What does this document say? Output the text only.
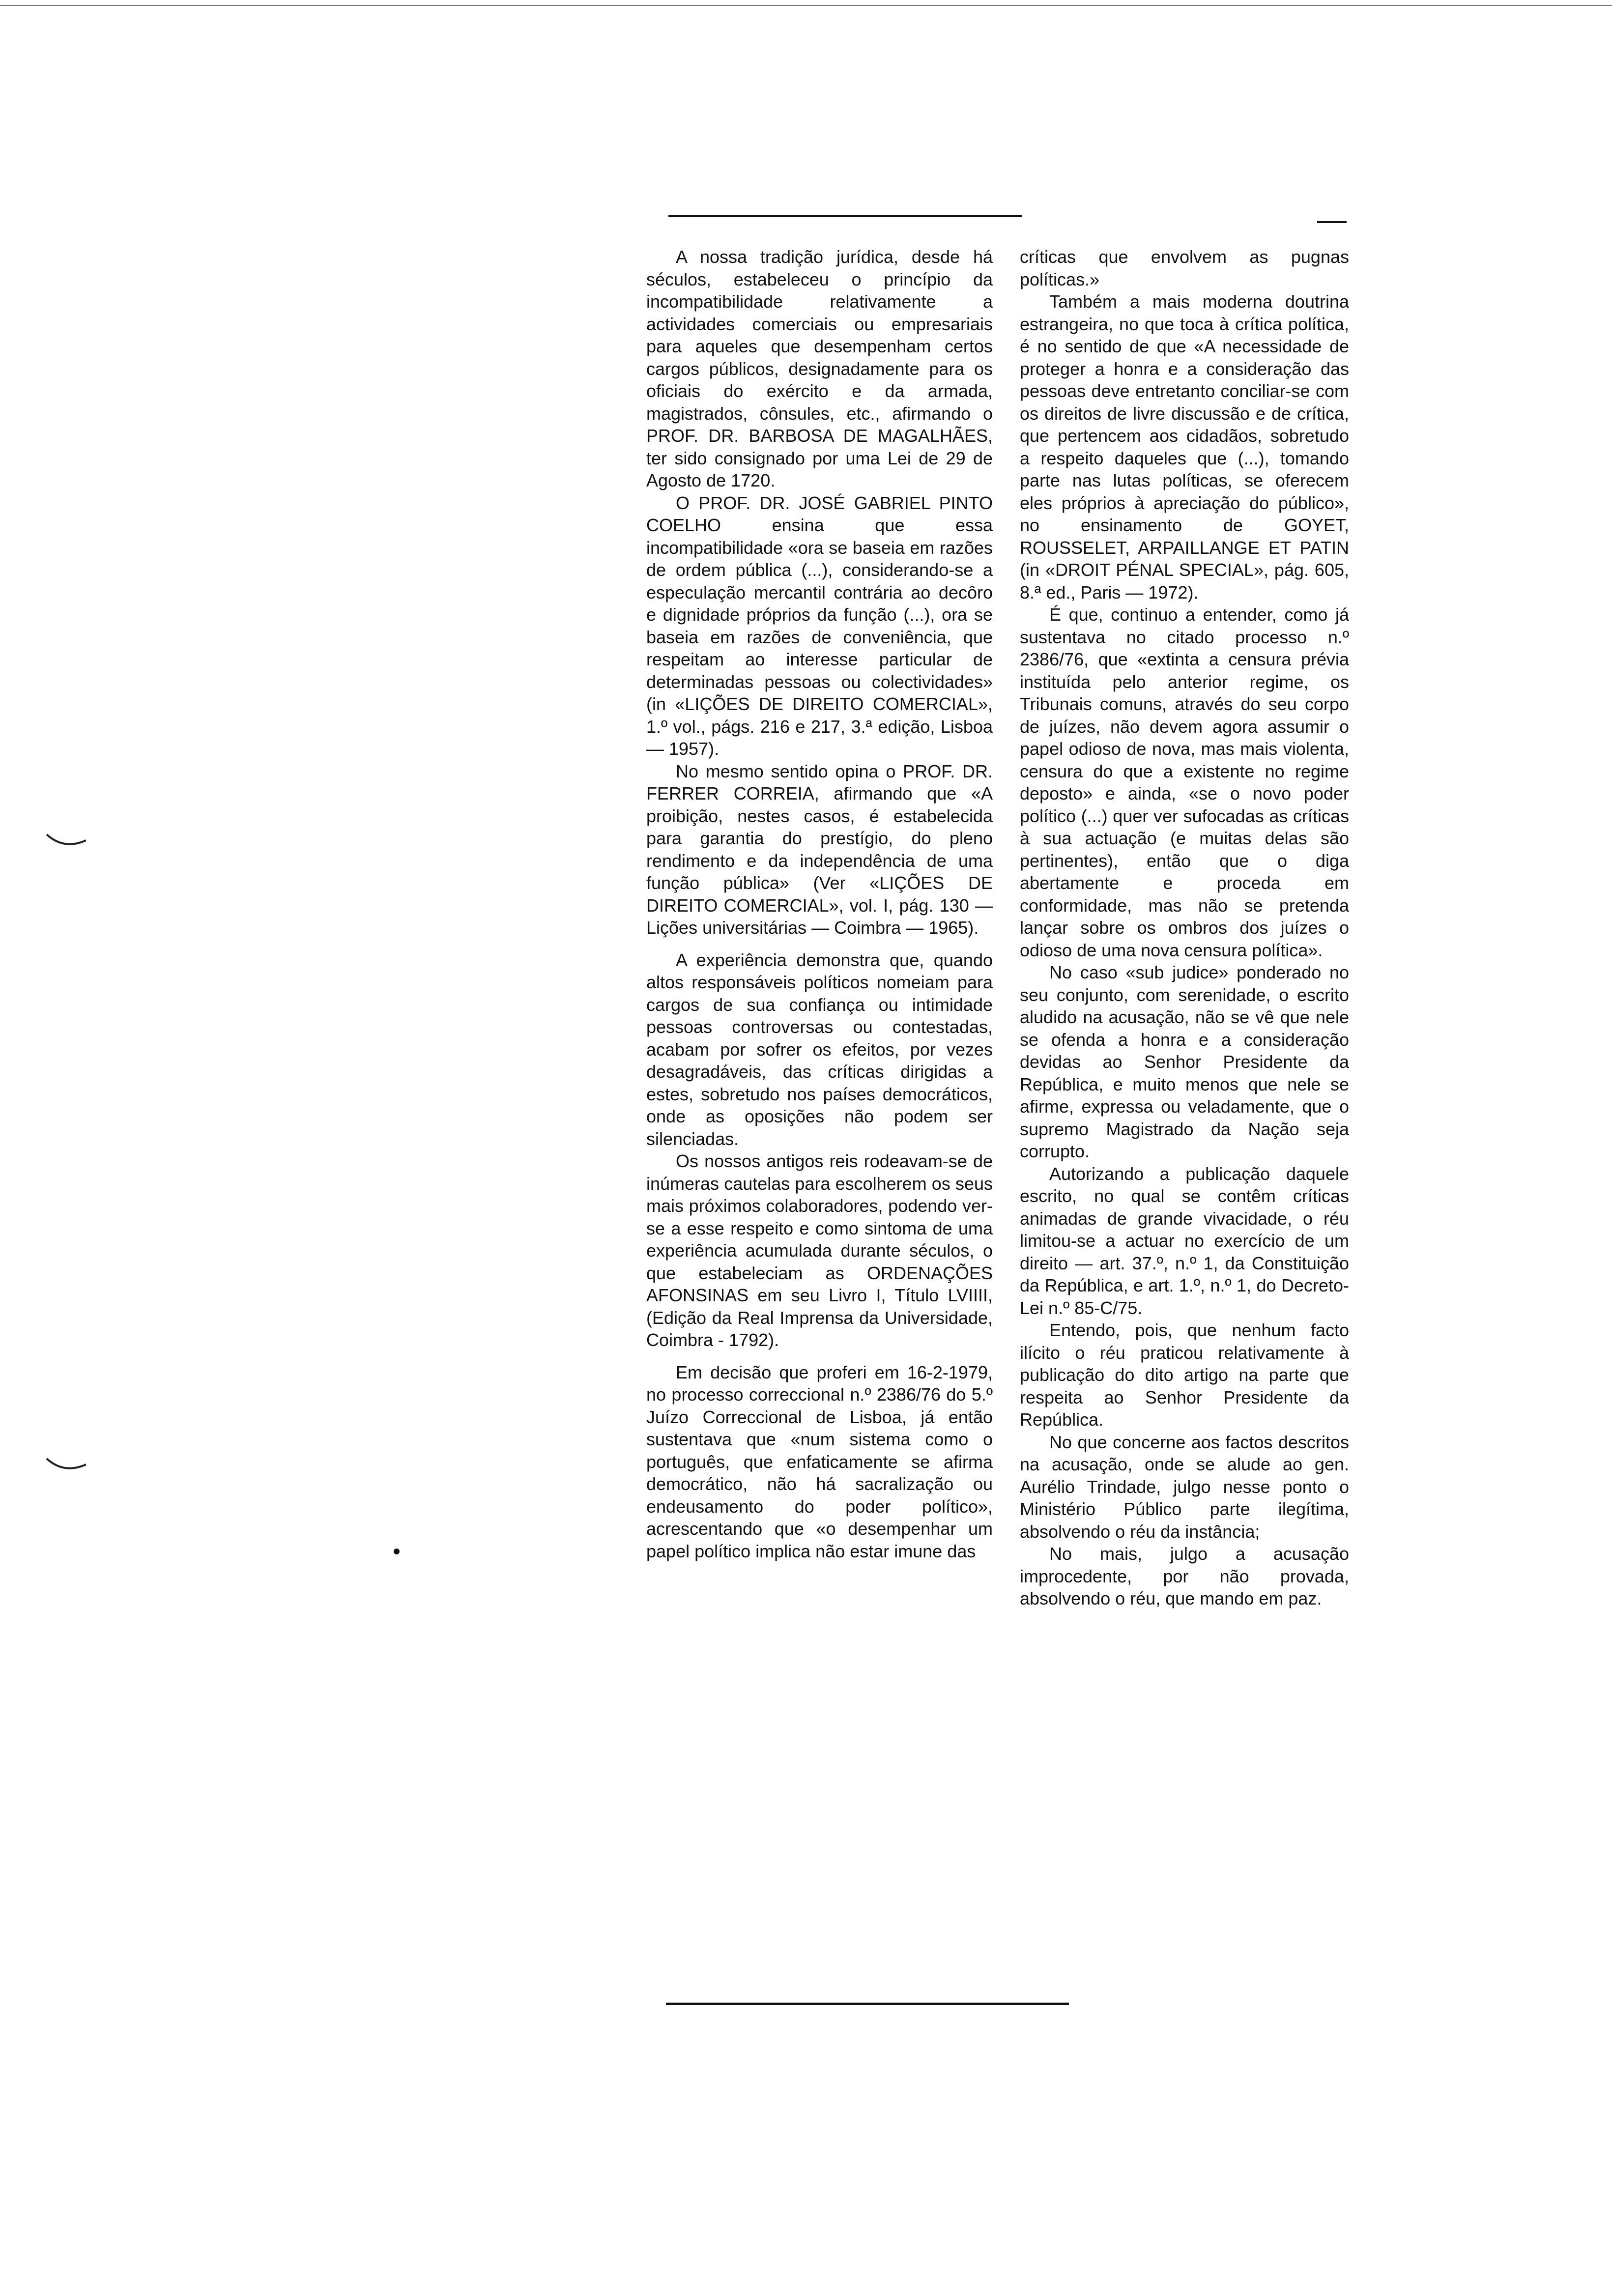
A nossa tradição jurídica, desde há séculos, estabeleceu o princípio da incompatibilidade relativamente a actividades comerciais ou empresariais para aqueles que desempenham certos cargos públicos, designadamente para os oficiais do exército e da armada, magistrados, cônsules, etc., afirmando o PROF. DR. BARBOSA DE MAGALHÃES, ter sido consignado por uma Lei de 29 de Agosto de 1720.

O PROF. DR. JOSÉ GABRIEL PINTO COELHO ensina que essa incompatibilidade «ora se baseia em razões de ordem pública (...), considerando-se a especulação mercantil contrária ao decôro e dignidade próprios da função (...), ora se baseia em razões de conveniência, que respeitam ao interesse particular de determinadas pessoas ou colectividades» (in «LIÇÕES DE DIREITO COMERCIAL», 1.º vol., págs. 216 e 217, 3.ª edição, Lisboa — 1957).

No mesmo sentido opina o PROF. DR. FERRER CORREIA, afirmando que «A proibição, nestes casos, é estabelecida para garantia do prestígio, do pleno rendimento e da independência de uma função pública» (Ver «LIÇÕES DE DIREITO COMERCIAL», vol. I, pág. 130 — Lições universitárias — Coimbra — 1965).

A experiência demonstra que, quando altos responsáveis políticos nomeiam para cargos de sua confiança ou intimidade pessoas controversas ou contestadas, acabam por sofrer os efeitos, por vezes desagradáveis, das críticas dirigidas a estes, sobretudo nos países democráticos, onde as oposições não podem ser silenciadas.

Os nossos antigos reis rodeavam-se de inúmeras cautelas para escolherem os seus mais próximos colaboradores, podendo ver-se a esse respeito e como sintoma de uma experiência acumulada durante séculos, o que estabeleciam as ORDENAÇÕES AFONSINAS em seu Livro I, Título LVIIII, (Edição da Real Imprensa da Universidade, Coimbra - 1792).

Em decisão que proferi em 16-2-1979, no processo correccional n.º 2386/76 do 5.º Juízo Correccional de Lisboa, já então sustentava que «num sistema como o português, que enfaticamente se afirma democrático, não há sacralização ou endeusamento do poder político», acrescentando que «o desempenhar um papel político implica não estar imune das

críticas que envolvem as pugnas políticas.»

Também a mais moderna doutrina estrangeira, no que toca à crítica política, é no sentido de que «A necessidade de proteger a honra e a consideração das pessoas deve entretanto conciliar-se com os direitos de livre discussão e de crítica, que pertencem aos cidadãos, sobretudo a respeito daqueles que (...), tomando parte nas lutas políticas, se oferecem eles próprios à apreciação do público», no ensinamento de GOYET, ROUSSELET, ARPAILLANGE ET PATIN (in «DROIT PÉNAL SPECIAL», pág. 605, 8.ª ed., Paris — 1972).

É que, continuo a entender, como já sustentava no citado processo n.º 2386/76, que «extinta a censura prévia instituída pelo anterior regime, os Tribunais comuns, através do seu corpo de juízes, não devem agora assumir o papel odioso de nova, mas mais violenta, censura do que a existente no regime deposto» e ainda, «se o novo poder político (...) quer ver sufocadas as críticas à sua actuação (e muitas delas são pertinentes), então que o diga abertamente e proceda em conformidade, mas não se pretenda lançar sobre os ombros dos juízes o odioso de uma nova censura política».

No caso «sub judice» ponderado no seu conjunto, com serenidade, o escrito aludido na acusação, não se vê que nele se ofenda a honra e a consideração devidas ao Senhor Presidente da República, e muito menos que nele se afirme, expressa ou veladamente, que o supremo Magistrado da Nação seja corrupto.

Autorizando a publicação daquele escrito, no qual se contêm críticas animadas de grande vivacidade, o réu limitou-se a actuar no exercício de um direito — art. 37.º, n.º 1, da Constituição da República, e art. 1.º, n.º 1, do Decreto-Lei n.º 85-C/75.

Entendo, pois, que nenhum facto ilícito o réu praticou relativamente à publicação do dito artigo na parte que respeita ao Senhor Presidente da República.

No que concerne aos factos descritos na acusação, onde se alude ao gen. Aurélio Trindade, julgo nesse ponto o Ministério Público parte ilegítima, absolvendo o réu da instância;

No mais, julgo a acusação improcedente, por não provada, absolvendo o réu, que mando em paz.
